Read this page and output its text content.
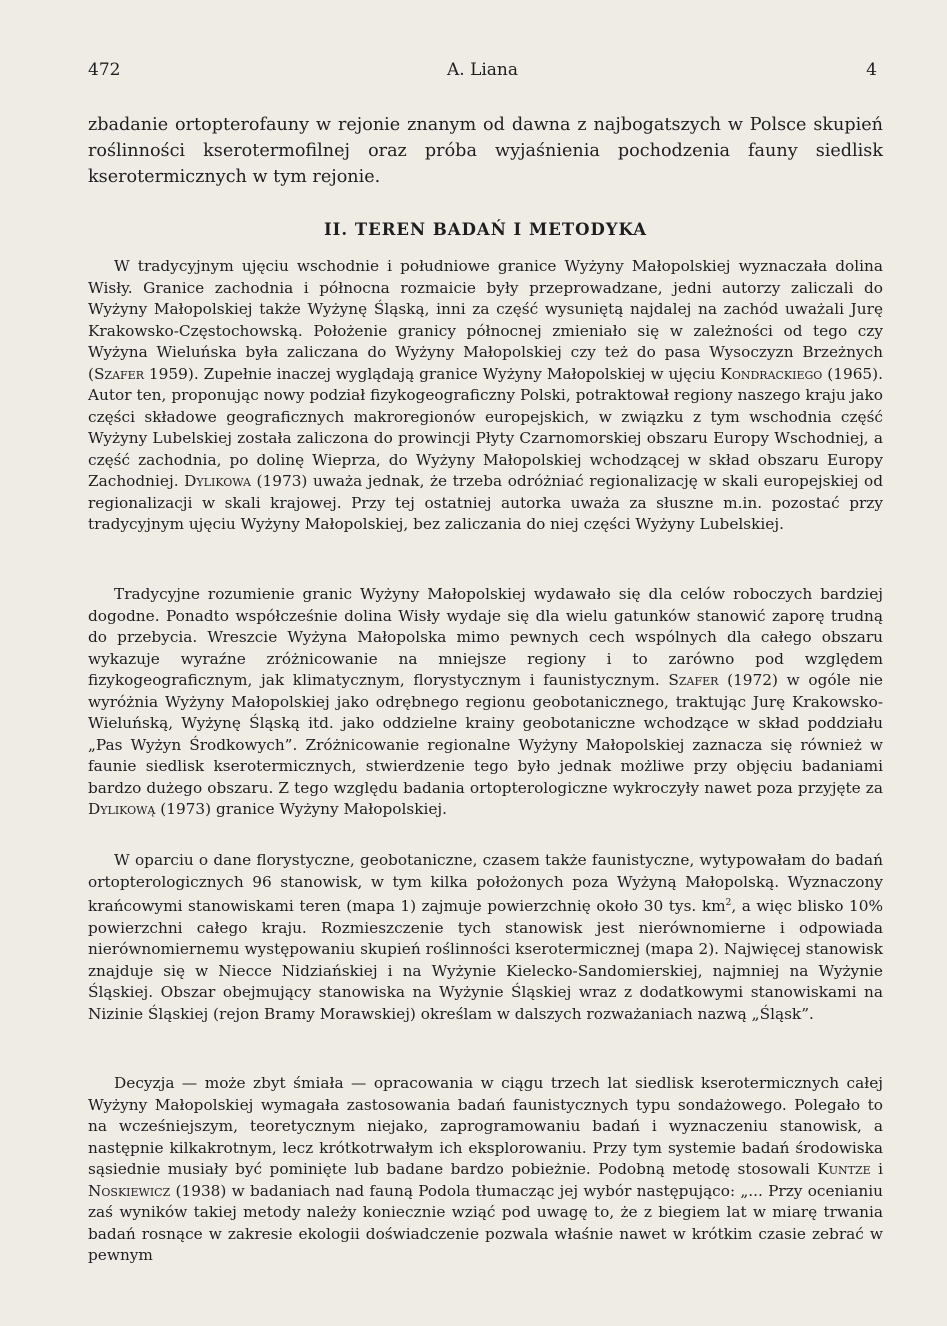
472	A. Liana	4

zbadanie ortopterofauny w rejonie znanym od dawna z najbogatszych w Polsce skupień roślinności kserotermofilnej oraz próba wyjaśnienia pochodzenia fauny siedlisk kserotermicznych w tym rejonie.

II. TEREN BADAŃ I METODYKA

W tradycyjnym ujęciu wschodnie i południowe granice Wyżyny Małopolskiej wyznaczała dolina Wisły. Granice zachodnia i północna rozmaicie były przeprowadzane, jedni autorzy zaliczali do Wyżyny Małopolskiej także Wyżynę Śląską, inni za część wysuniętą najdalej na zachód uważali Jurę Krakowsko-Częstochowską. Położenie granicy północnej zmieniało się w zależności od tego czy Wyżyna Wieluńska była zaliczana do Wyżyny Małopolskiej czy też do pasa Wysoczyzn Brzeżnych (Szafer 1959). Zupełnie inaczej wyglądają granice Wyżyny Małopolskiej w ujęciu Kondrackiego (1965). Autor ten, proponując nowy podział fizykogeograficzny Polski, potraktował regiony naszego kraju jako części składowe geograficznych makroregionów europejskich, w związku z tym wschodnia część Wyżyny Lubelskiej została zaliczona do prowincji Płyty Czarnomorskiej obszaru Europy Wschodniej, a część zachodnia, po dolinę Wieprza, do Wyżyny Małopolskiej wchodzącej w skład obszaru Europy Zachodniej. Dylikowa (1973) uważa jednak, że trzeba odróżniać regionalizację w skali europejskiej od regionalizacji w skali krajowej. Przy tej ostatniej autorka uważa za słuszne m.in. pozostać przy tradycyjnym ujęciu Wyżyny Małopolskiej, bez zaliczania do niej części Wyżyny Lubelskiej.

Tradycyjne rozumienie granic Wyżyny Małopolskiej wydawało się dla celów roboczych bardziej dogodne. Ponadto współcześnie dolina Wisły wydaje się dla wielu gatunków stanowić zaporę trudną do przebycia. Wreszcie Wyżyna Małopolska mimo pewnych cech wspólnych dla całego obszaru wykazuje wyraźne zróżnicowanie na mniejsze regiony i to zarówno pod względem fizykogeograficznym, jak klimatycznym, florystycznym i faunistycznym. Szafer (1972) w ogóle nie wyróżnia Wyżyny Małopolskiej jako odrębnego regionu geobotanicznego, traktując Jurę Krakowsko-Wieluńską, Wyżynę Śląską itd. jako oddzielne krainy geobotaniczne wchodzące w skład poddziału „Pas Wyżyn Środkowych”. Zróżnicowanie regionalne Wyżyny Małopolskiej zaznacza się również w faunie siedlisk kserotermicznych, stwierdzenie tego było jednak możliwe przy objęciu badaniami bardzo dużego obszaru. Z tego względu badania ortopterologiczne wykroczyły nawet poza przyjęte za Dylikową (1973) granice Wyżyny Małopolskiej.

W oparciu o dane florystyczne, geobotaniczne, czasem także faunistyczne, wytypowałam do badań ortopterologicznych 96 stanowisk, w tym kilka położonych poza Wyżyną Małopolską. Wyznaczony krańcowymi stanowiskami teren (mapa 1) zajmuje powierzchnię około 30 tys. $km^2$, a więc blisko 10% powierzchni całego kraju. Rozmieszczenie tych stanowisk jest nierównomierne i odpowiada nierównomiernemu występowaniu skupień roślinności kserotermicznej (mapa 2). Najwięcej stanowisk znajduje się w Niecce Nidziańskiej i na Wyżynie Kielecko-Sandomierskiej, najmniej na Wyżynie Śląskiej. Obszar obejmujący stanowiska na Wyżynie Śląskiej wraz z dodatkowymi stanowiskami na Nizinie Śląskiej (rejon Bramy Morawskiej) określam w dalszych rozważaniach nazwą „Śląsk”.

Decyzja — może zbyt śmiała — opracowania w ciągu trzech lat siedlisk kserotermicznych całej Wyżyny Małopolskiej wymagała zastosowania badań faunistycznych typu sondażowego. Polegało to na wcześniejszym, teoretycznym niejako, zaprogramowaniu badań i wyznaczeniu stanowisk, a następnie kilkakrotnym, lecz krótkotrwałym ich eksplorowaniu. Przy tym systemie badań środowiska sąsiednie musiały być pominięte lub badane bardzo pobieżnie. Podobną metodę stosowali Kuntze i Noskiewicz (1938) w badaniach nad fauną Podola tłumacząc jej wybór następująco: „... Przy ocenianiu zaś wyników takiej metody należy koniecznie wziąć pod uwagę to, że z biegiem lat w miarę trwania badań rosnące w zakresie ekologii doświadczenie pozwala właśnie nawet w krótkim czasie zebrać w pewnym
